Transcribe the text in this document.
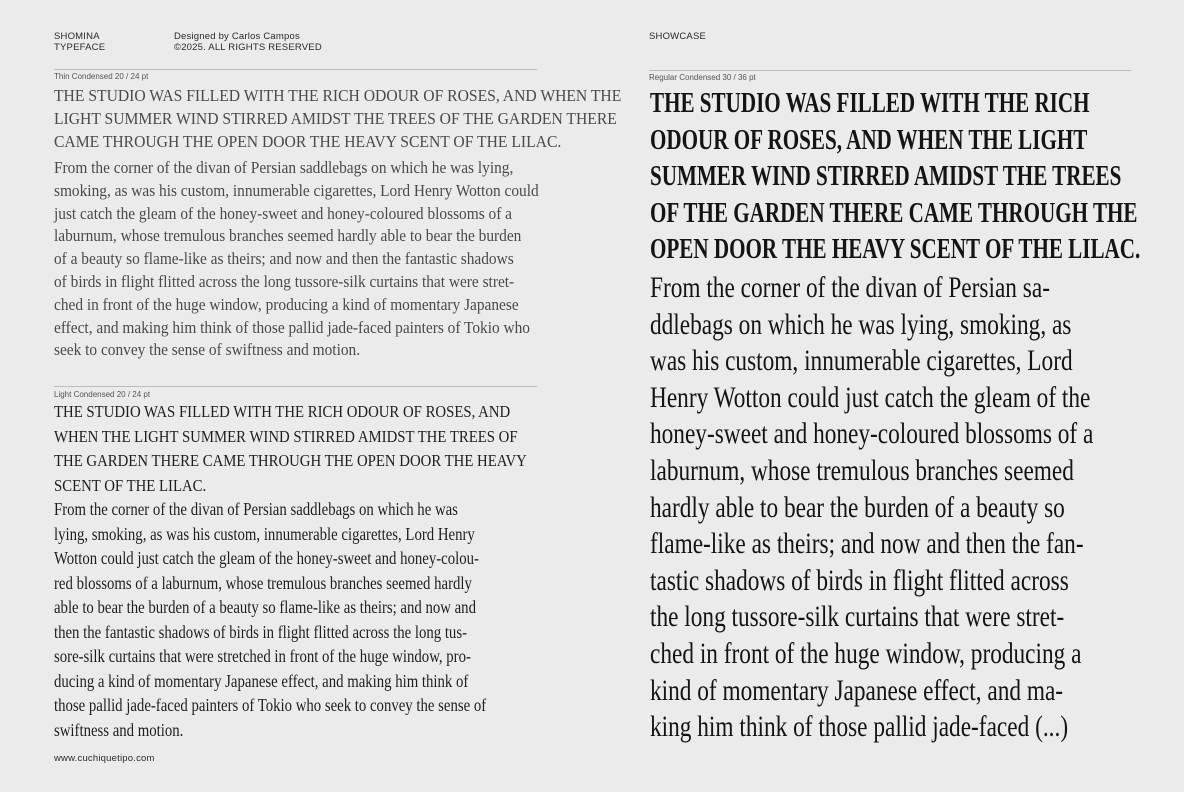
SHOMINA
TYPEFACE
Designed by Carlos Campos
©2025. ALL RIGHTS RESERVED
SHOWCASE
Thin Condensed 20 / 24 pt
THE STUDIO WAS FILLED WITH THE RICH ODOUR OF ROSES, AND WHEN THE
LIGHT SUMMER WIND STIRRED AMIDST THE TREES OF THE GARDEN THERE
CAME THROUGH THE OPEN DOOR THE HEAVY SCENT OF THE LILAC.
From the corner of the divan of Persian saddlebags on which he was lying,
smoking, as was his custom, innumerable cigarettes, Lord Henry Wotton could
just catch the gleam of the honey-sweet and honey-coloured blossoms of a
laburnum, whose tremulous branches seemed hardly able to bear the burden
of a beauty so flame-like as theirs; and now and then the fantastic shadows
of birds in flight flitted across the long tussore-silk curtains that were stret-
ched in front of the huge window, producing a kind of momentary Japanese
effect, and making him think of those pallid jade-faced painters of Tokio who
seek to convey the sense of swiftness and motion.
Light Condensed 20 / 24 pt
THE STUDIO WAS FILLED WITH THE RICH ODOUR OF ROSES, AND
WHEN THE LIGHT SUMMER WIND STIRRED AMIDST THE TREES OF
THE GARDEN THERE CAME THROUGH THE OPEN DOOR THE HEAVY
SCENT OF THE LILAC.
From the corner of the divan of Persian saddlebags on which he was
lying, smoking, as was his custom, innumerable cigarettes, Lord Henry
Wotton could just catch the gleam of the honey-sweet and honey-colou-
red blossoms of a laburnum, whose tremulous branches seemed hardly
able to bear the burden of a beauty so flame-like as theirs; and now and
then the fantastic shadows of birds in flight flitted across the long tus-
sore-silk curtains that were stretched in front of the huge window, pro-
ducing a kind of momentary Japanese effect, and making him think of
those pallid jade-faced painters of Tokio who seek to convey the sense of
swiftness and motion.
www.cuchiquetipo.com
Regular Condensed 30 / 36 pt
THE STUDIO WAS FILLED WITH THE RICH
ODOUR OF ROSES, AND WHEN THE LIGHT
SUMMER WIND STIRRED AMIDST THE TREES
OF THE GARDEN THERE CAME THROUGH THE
OPEN DOOR THE HEAVY SCENT OF THE LILAC.
From the corner of the divan of Persian sa-
ddlebags on which he was lying, smoking, as
was his custom, innumerable cigarettes, Lord
Henry Wotton could just catch the gleam of the
honey-sweet and honey-coloured blossoms of a
laburnum, whose tremulous branches seemed
hardly able to bear the burden of a beauty so
flame-like as theirs; and now and then the fan-
tastic shadows of birds in flight flitted across
the long tussore-silk curtains that were stret-
ched in front of the huge window, producing a
kind of momentary Japanese effect, and ma-
king him think of those pallid jade-faced (...)
